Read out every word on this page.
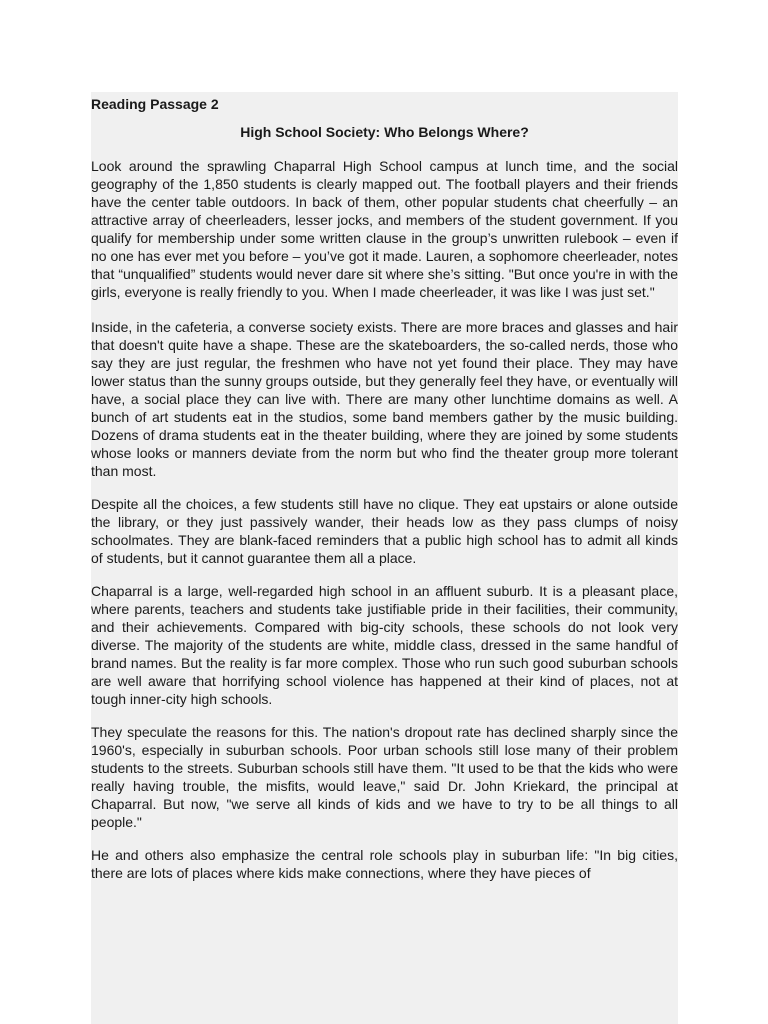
Reading Passage 2

High School Society: Who Belongs Where?

Look around the sprawling Chaparral High School campus at lunch time, and the social geography of the 1,850 students is clearly mapped out. The football players and their friends have the center table outdoors. In back of them, other popular students chat cheerfully – an attractive array of cheerleaders, lesser jocks, and members of the student government. If you qualify for membership under some written clause in the group’s unwritten rulebook – even if no one has ever met you before – you’ve got it made. Lauren, a sophomore cheerleader, notes that “unqualified” students would never dare sit where she’s sitting. "But once you're in with the girls, everyone is really friendly to you. When I made cheerleader, it was like I was just set."

Inside, in the cafeteria, a converse society exists. There are more braces and glasses and hair that doesn't quite have a shape. These are the skateboarders, the so-called nerds, those who say they are just regular, the freshmen who have not yet found their place. They may have lower status than the sunny groups outside, but they generally feel they have, or eventually will have, a social place they can live with. There are many other lunchtime domains as well. A bunch of art students eat in the studios, some band members gather by the music building. Dozens of drama students eat in the theater building, where they are joined by some students whose looks or manners deviate from the norm but who find the theater group more tolerant than most.

Despite all the choices, a few students still have no clique. They eat upstairs or alone outside the library, or they just passively wander, their heads low as they pass clumps of noisy schoolmates. They are blank-faced reminders that a public high school has to admit all kinds of students, but it cannot guarantee them all a place.

Chaparral is a large, well-regarded high school in an affluent suburb. It is a pleasant place, where parents, teachers and students take justifiable pride in their facilities, their community, and their achievements. Compared with big-city schools, these schools do not look very diverse. The majority of the students are white, middle class, dressed in the same handful of brand names. But the reality is far more complex. Those who run such good suburban schools are well aware that horrifying school violence has happened at their kind of places, not at tough inner-city high schools.

They speculate the reasons for this. The nation's dropout rate has declined sharply since the 1960's, especially in suburban schools. Poor urban schools still lose many of their problem students to the streets. Suburban schools still have them. "It used to be that the kids who were really having trouble, the misfits, would leave," said Dr. John Kriekard, the principal at Chaparral. But now, "we serve all kinds of kids and we have to try to be all things to all people."

He and others also emphasize the central role schools play in suburban life: "In big cities, there are lots of places where kids make connections, where they have pieces of
